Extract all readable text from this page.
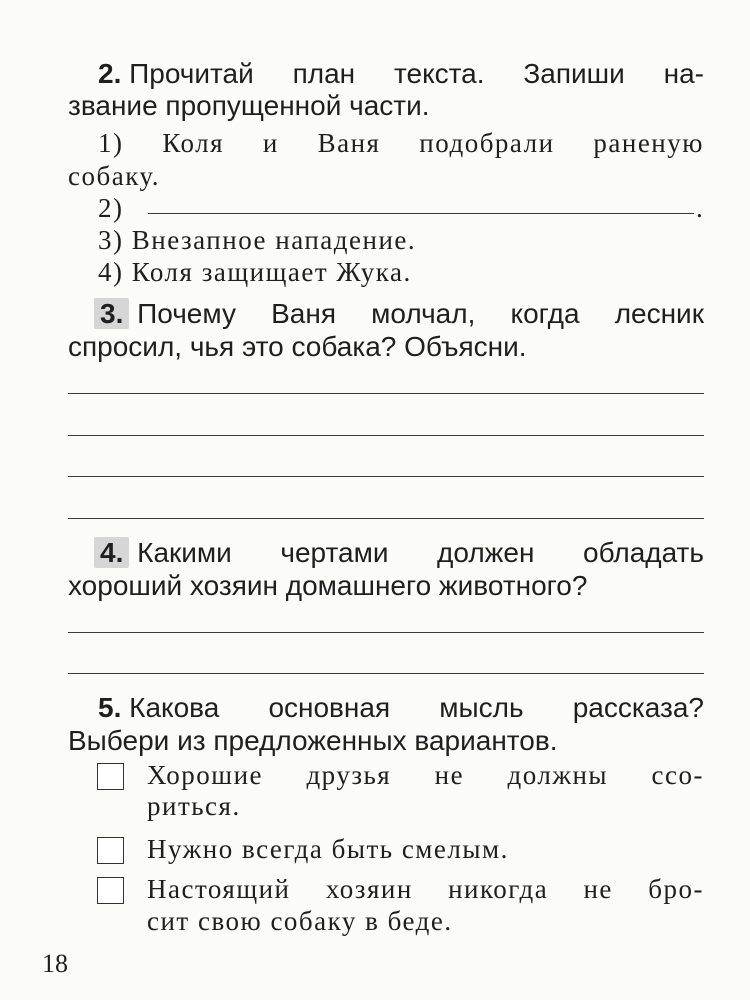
2. Прочитай план текста. Запиши на-
звание пропущенной части.
1) Коля и Ваня подобрали раненую
собаку.
2)	.
3) Внезапное нападение.
4) Коля защищает Жука.
3. Почему Ваня молчал, когда лесник
спросил, чья это собака? Объясни.
4. Какими чертами должен обладать
хороший хозяин домашнего животного?
5. Какова основная мысль рассказа?
Выбери из предложенных вариантов.
Хорошие друзья не должны ссо-
риться.
Нужно всегда быть смелым.
Настоящий хозяин никогда не бро-
сит свою собаку в беде.
18
